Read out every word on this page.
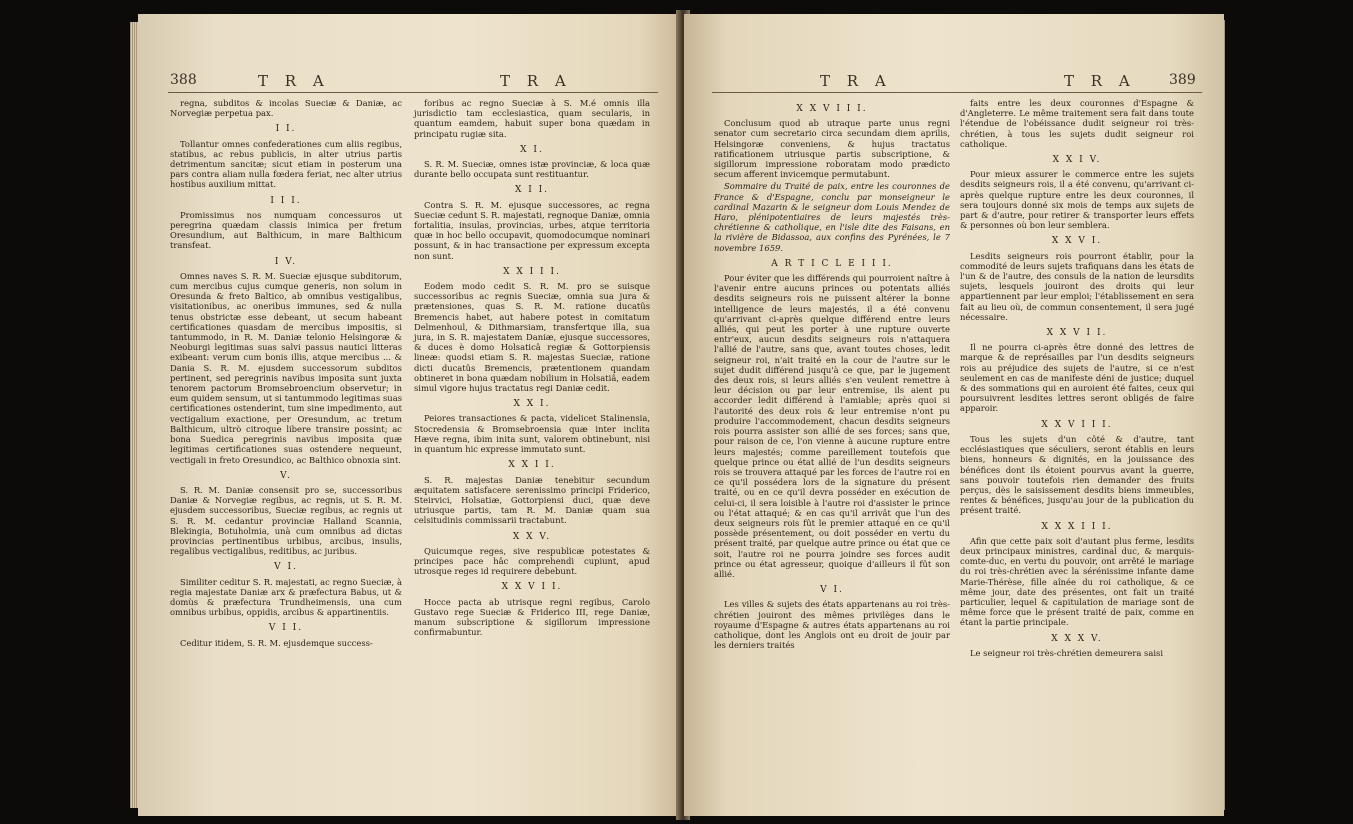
388	T R A	T R A

regna, subditos & incolas Sueciæ & Daniæ, ac Norvegiæ perpetua pax.

I I.

Tollantur omnes confederationes cum aliis regibus, statibus, ac rebus publicis, in alter utrius partis detrimentum sancitæ; sicut etiam in posterum una pars contra aliam nulla fœdera feriat, nec alter utrius hostibus auxilium mittat.

I I I.

Promissimus nos numquam concessuros ut peregrina quædam classis inimica per fretum Oresundium, aut Balthicum, in mare Balthicum transfeat.

I V.

Omnes naves S. R. M. Sueciæ ejusque subditorum, cum mercibus cujus cumque generis, non solum in Oresunda & freto Baltico, ab omnibus vestigalibus, visitationibus, ac oneribus immunes, sed & nulla tenus obstrictæ esse debeant, ut secum habeant certificationes quasdam de mercibus impositis, si tantummodo, in R. M. Daniæ telonio Helsingoræ & Neoburgi legitimas suas salvi passus nautici litteras exibeant: verum cum bonis illis, atque mercibus ... & Dania S. R. M. ejusdem successorum subditos pertinent, sed peregrinis navibus imposita sunt juxta tenorem pactorum Bromsebroencium observetur; in eum quidem sensum, ut si tantummodo legitimas suas certificationes ostenderint, tum sine impedimento, aut vectigalium exactione, per Oresundum, ac tretum Balthicum, ultrò citroque libere transire possint; ac bona Suedica peregrinis navibus imposita quæ legitimas certificationes suas ostendere nequeunt, vectigali in freto Oresundico, ac Balthico obnoxia sint.

V.

S. R. M. Daniæ consensit pro se, successoribus Daniæ & Norvegiæ regibus, ac regnis, ut S. R. M. ejusdem successoribus, Sueciæ regibus, ac regnis ut S. R. M. cedantur provinciæ Halland Scannia, Blekingia, Botuholmia, unà cum omnibus ad dictas provincias pertinentibus urbibus, arcibus, insulis, regalibus vectigalibus, reditibus, ac juribus.

V I.

Similiter ceditur S. R. majestati, ac regno Sueciæ, à regia majestate Daniæ arx & præfectura Babus, ut & domùs & præfectura Trundheimensis, una cum omnibus urbibus, oppidis, arcibus & appartinentiis.

V I I.

Ceditur itidem, S. R. M. ejusdemque success-

foribus ac regno Sueciæ à S. M.é omnis illa jurisdictio tam ecclesiastica, quam secularis, in quantum eamdem, habuit super bona quædam in principatu rugiæ sita.

X I.

S. R. M. Sueciæ, omnes istæ provinciæ, & loca quæ durante bello occupata sunt restituantur.

X I I.

Contra S. R. M. ejusque successores, ac regna Sueciæ cedunt S. R. majestati, regnoque Daniæ, omnia fortalitia, insulas, provincias, urbes, atque territoria quæ in hoc bello occupavit, quomodocumque nominari possunt, & in hac transactione per expressum excepta non sunt.

X X I I I.

Eodem modo cedit S. R. M. pro se suisque successoribus ac regnis Sueciæ, omnia sua jura & prætensiones, quas S. R. M. ratione ducatûs Bremencis habet, aut habere potest in comitatum Delmenhoul, & Dithmarsiam, transfertque illa, sua jura, in S. R. majestatem Daniæ, ejusque successores, & duces è domo Holsaticâ regiæ & Gottorpiensis lineæ: quodsi etiam S. R. majestas Sueciæ, ratione dicti ducatûs Bremencis, prætentionem quandam obtineret in bona quædam nobilium in Holsatiâ, eadem simul vigore hujus tractatus regi Daniæ cedit.

X X I.

Peiores transactiones & pacta, videlicet Stalinensia, Stocredensia & Bromsebroensia quæ inter inclita Hæve regna, ibim inita sunt, valorem obtinebunt, nisi in quantum hic expresse immutato sunt.

X X I I.

S. R. majestas Daniæ tenebitur secundum æquitatem satisfacere serenissimo principi Friderico, Steirvici, Holsatiæ, Gottorpiensi duci, quæ deve utriusque partis, tam R. M. Daniæ quam sua celsitudinis commissarii tractabunt.

X X V.

Quicumque reges, sive respublicæ potestates & principes pace hâc comprehendi cupiunt, apud utrosque reges id requirere debebunt.

X X V I I.

Hocce pacta ab utrisque regni regibus, Carolo Gustavo rege Sueciæ & Friderico III, rege Daniæ, manum subscriptione & sigillorum impressione confirmabuntur.

T R A	T R A 389
X X V I I I.

Conclusum quod ab utraque parte unus regni senator cum secretario circa secundam diem aprilis, Helsingoræ conveniens, & hujus tractatus ratificationem utriusque partis subscriptione, & sigillorum impressione roboratam modo prædicto secum afferent invicemque permutabunt.

Sommaire du Traité de paix, entre les couronnes de France & d'Espagne, conclu par monseigneur le cardinal Mazarin & le seigneur dom Louis Mendez de Haro, plénipotentiaires de leurs majestés très-chrétienne & catholique, en l'isle dite des Faisans, en la rivière de Bidassoa, aux confins des Pyrénées, le 7 novembre 1659.

A R T I C L E I I I.

Pour éviter que les différends qui pourroient naître à l'avenir entre aucuns princes ou potentats alliés desdits seigneurs rois ne puissent altérer la bonne intelligence de leurs majestés, il a été convenu qu'arrivant ci-après quelque différend entre leurs alliés, qui peut les porter à une rupture ouverte entr'eux, aucun desdits seigneurs rois n'attaquera l'allié de l'autre, sans que, avant toutes choses, ledit seigneur roi, n'ait traité en la cour de l'autre sur le sujet dudit différend jusqu'à ce que, par le jugement des deux rois, si leurs alliés s'en veulent remettre à leur décision ou par leur entremise, ils aient pu accorder ledit différend à l'amiable; après quoi si l'autorité des deux rois & leur entremise n'ont pu produire l'accommodement, chacun desdits seigneurs rois pourra assister son allié de ses forces; sans que, pour raison de ce, l'on vienne à aucune rupture entre leurs majestés; comme pareillement toutefois que quelque prince ou état allié de l'un desdits seigneurs rois se trouvera attaqué par les forces de l'autre roi en ce qu'il possédera lors de la signature du présent traité, ou en ce qu'il devra posséder en exécution de celui-ci, il sera loisible à l'autre roi d'assister le prince ou l'état attaqué; & en cas qu'il arrivât que l'un des deux seigneurs rois fût le premier attaqué en ce qu'il possède présentement, ou doit posséder en vertu du présent traité, par quelque autre prince ou état que ce soit, l'autre roi ne pourra joindre ses forces audit prince ou état agresseur, quoique d'ailleurs il fût son allié.

V I.

Les villes & sujets des états appartenans au roi très-chrétien jouiront des mêmes privilèges dans le royaume d'Espagne & autres états appartenans au roi catholique, dont les Anglois ont eu droit de jouir par les derniers traités

faits entre les deux couronnes d'Espagne & d'Angleterre. Le même traitement sera fait dans toute l'étendue de l'obéissance dudit seigneur roi très-chrétien, à tous les sujets dudit seigneur roi catholique.

X X I V.

Pour mieux assurer le commerce entre les sujets desdits seigneurs rois, il a été convenu, qu'arrivant ci-après quelque rupture entre les deux couronnes, il sera toujours donné six mois de temps aux sujets de part & d'autre, pour retirer & transporter leurs effets & personnes où bon leur semblera.

X X V I.

Lesdits seigneurs rois pourront établir, pour la commodité de leurs sujets trafiquans dans les états de l'un & de l'autre, des consuls de la nation de leursdits sujets, lesquels jouiront des droits qui leur appartiennent par leur emploi; l'établissement en sera fait au lieu où, de commun consentement, il sera jugé nécessaire.

X X V I I.

Il ne pourra ci-après être donné des lettres de marque & de représailles par l'un desdits seigneurs rois au préjudice des sujets de l'autre, si ce n'est seulement en cas de manifeste déni de justice; duquel & des sommations qui en auroient été faites, ceux qui poursuivrent lesdites lettres seront obligés de faire apparoir.

X X V I I I.

Tous les sujets d'un côté & d'autre, tant ecclésiastiques que séculiers, seront établis en leurs biens, honneurs & dignités, en la jouissance des bénéfices dont ils étoient pourvus avant la guerre, sans pouvoir toutefois rien demander des fruits perçus, dès le saisissement desdits biens immeubles, rentes & bénéfices, jusqu'au jour de la publication du présent traité.

X X X I I I.

Afin que cette paix soit d'autant plus ferme, lesdits deux principaux ministres, cardinal duc, & marquis-comte-duc, en vertu du pouvoir, ont arrêté le mariage du roi très-chrétien avec la sérénissime infante dame Marie-Thérèse, fille aînée du roi catholique, & ce même jour, date des présentes, ont fait un traité particulier, lequel & capitulation de mariage sont de même force que le présent traité de paix, comme en étant la partie principale.

X X X V.

Le seigneur roi très-chrétien demeurera saisi
